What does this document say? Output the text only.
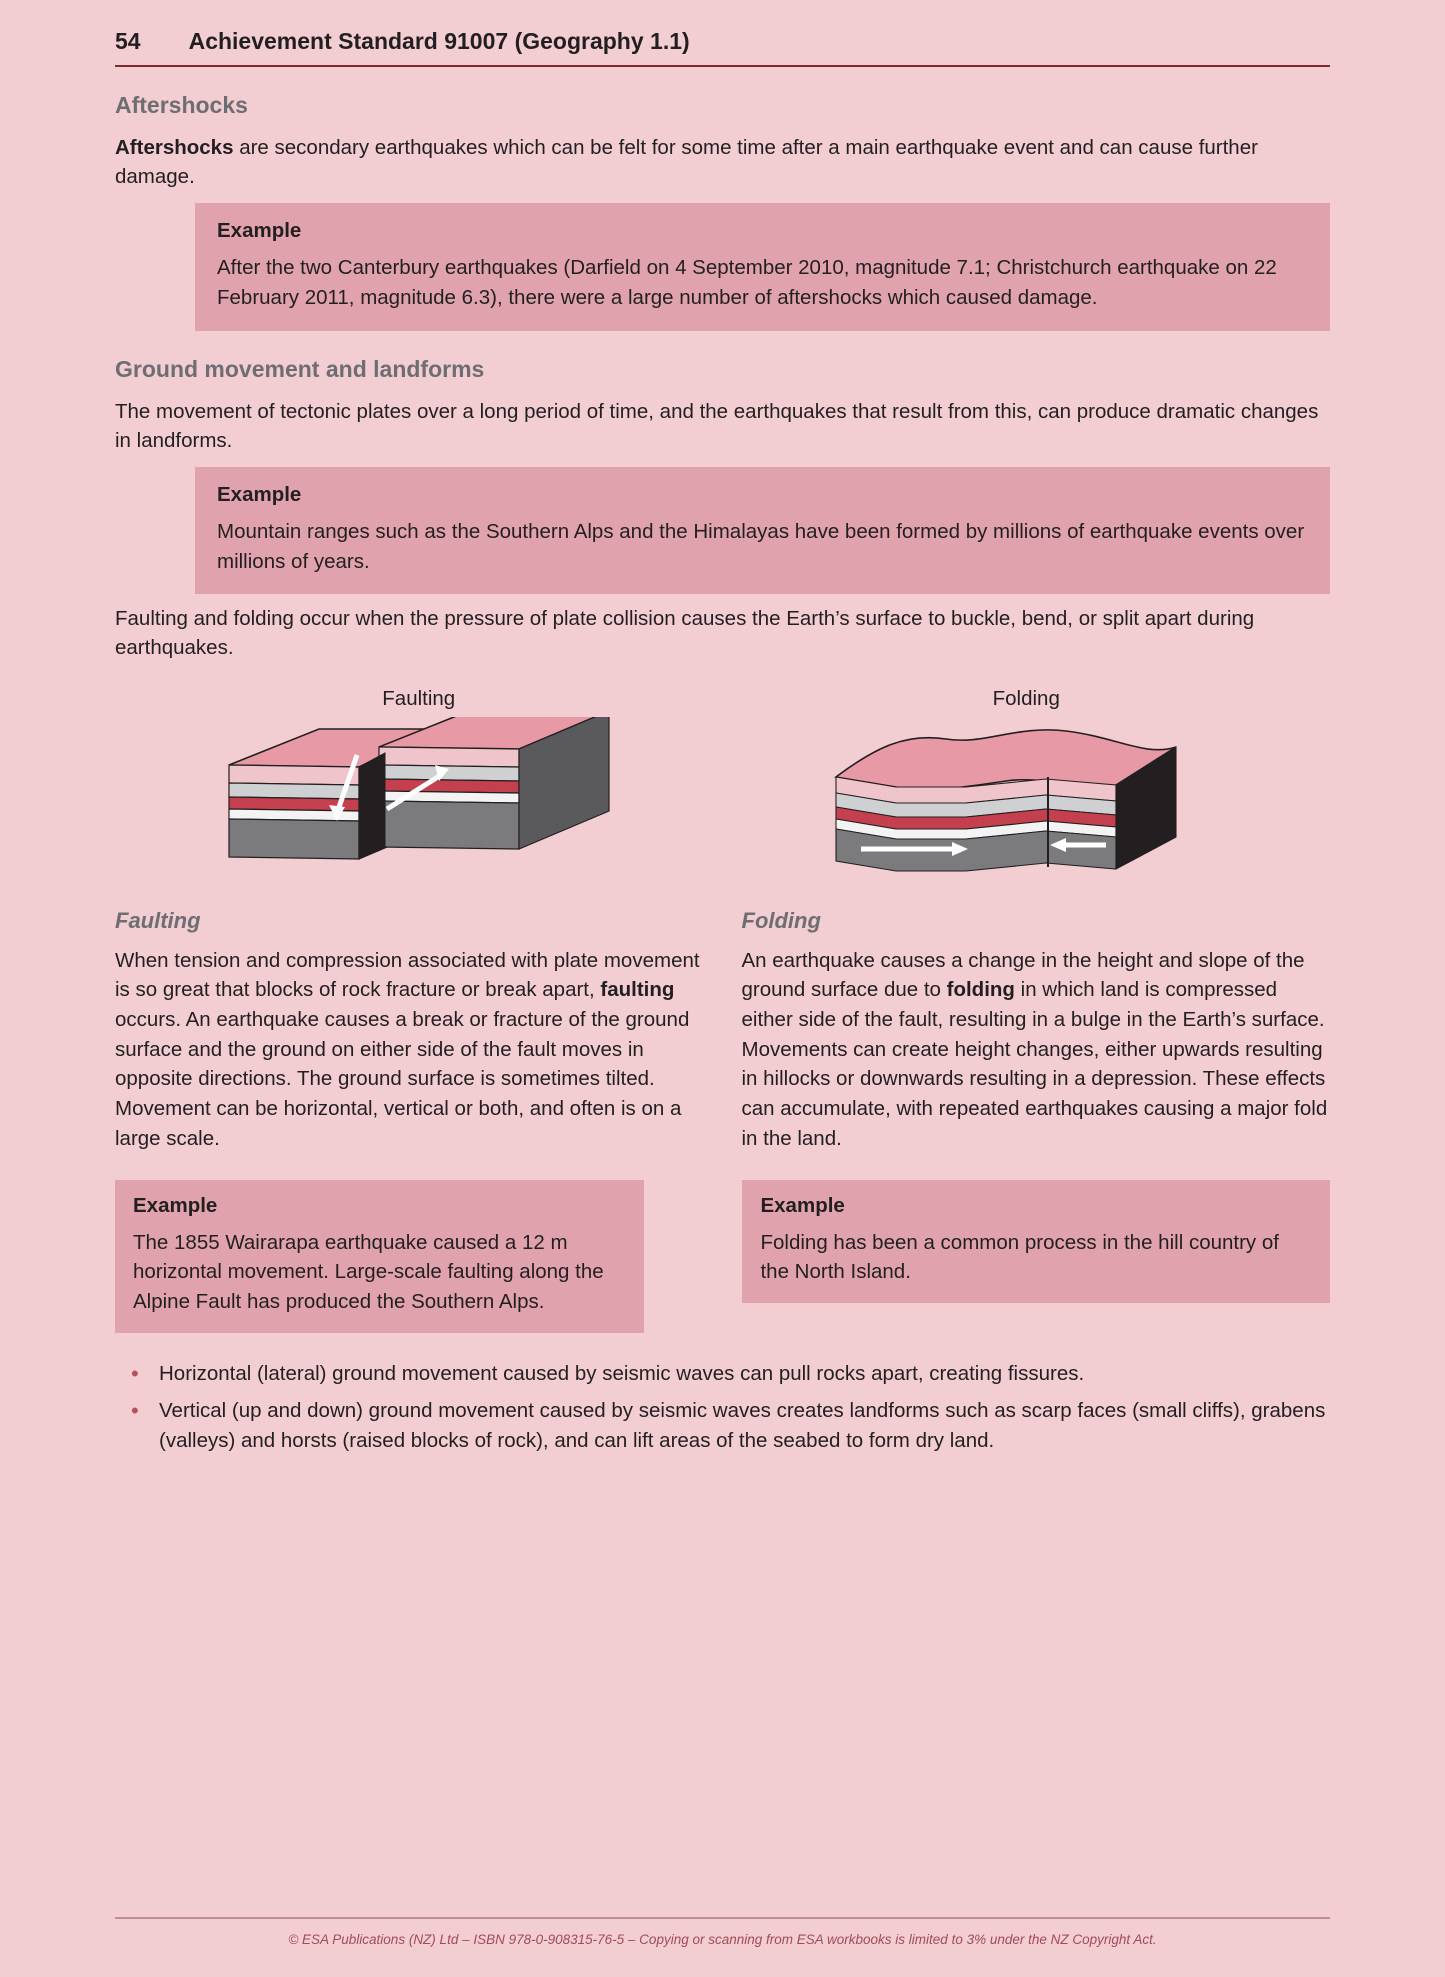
54 Achievement Standard 91007 (Geography 1.1)
Aftershocks

Aftershocks are secondary earthquakes which can be felt for some time after a main earthquake event and can cause further damage.

Example

After the two Canterbury earthquakes (Darfield on 4 September 2010, magnitude 7.1; Christchurch earthquake on 22 February 2011, magnitude 6.3), there were a large number of aftershocks which caused damage.

Ground movement and landforms

The movement of tectonic plates over a long period of time, and the earthquakes that result from this, can produce dramatic changes in landforms.

Example

Mountain ranges such as the Southern Alps and the Himalayas have been formed by millions of earthquake events over millions of years.

Faulting and folding occur when the pressure of plate collision causes the Earth’s surface to buckle, bend, or split apart during earthquakes.

Faulting	Folding
Faulting

When tension and compression associated with plate movement is so great that blocks of rock fracture or break apart, faulting occurs. An earthquake causes a break or fracture of the ground surface and the ground on either side of the fault moves in opposite directions. The ground surface is sometimes tilted. Movement can be horizontal, vertical or both, and often is on a large scale.

Folding

An earthquake causes a change in the height and slope of the ground surface due to folding in which land is compressed either side of the fault, resulting in a bulge in the Earth’s surface. Movements can create height changes, either upwards resulting in hillocks or downwards resulting in a depression. These effects can accumulate, with repeated earthquakes causing a major fold in the land.

Example

The 1855 Wairarapa earthquake caused a 12 m horizontal movement. Large-scale faulting along the Alpine Fault has produced the Southern Alps.

Example

Folding has been a common process in the hill country of the North Island.

• Horizontal (lateral) ground movement caused by seismic waves can pull rocks apart, creating fissures.
• Vertical (up and down) ground movement caused by seismic waves creates landforms such as scarp faces (small cliffs), grabens (valleys) and horsts (raised blocks of rock), and can lift areas of the seabed to form dry land.
© ESA Publications (NZ) Ltd – ISBN 978-0-908315-76-5 – Copying or scanning from ESA workbooks is limited to 3% under the NZ Copyright Act.
